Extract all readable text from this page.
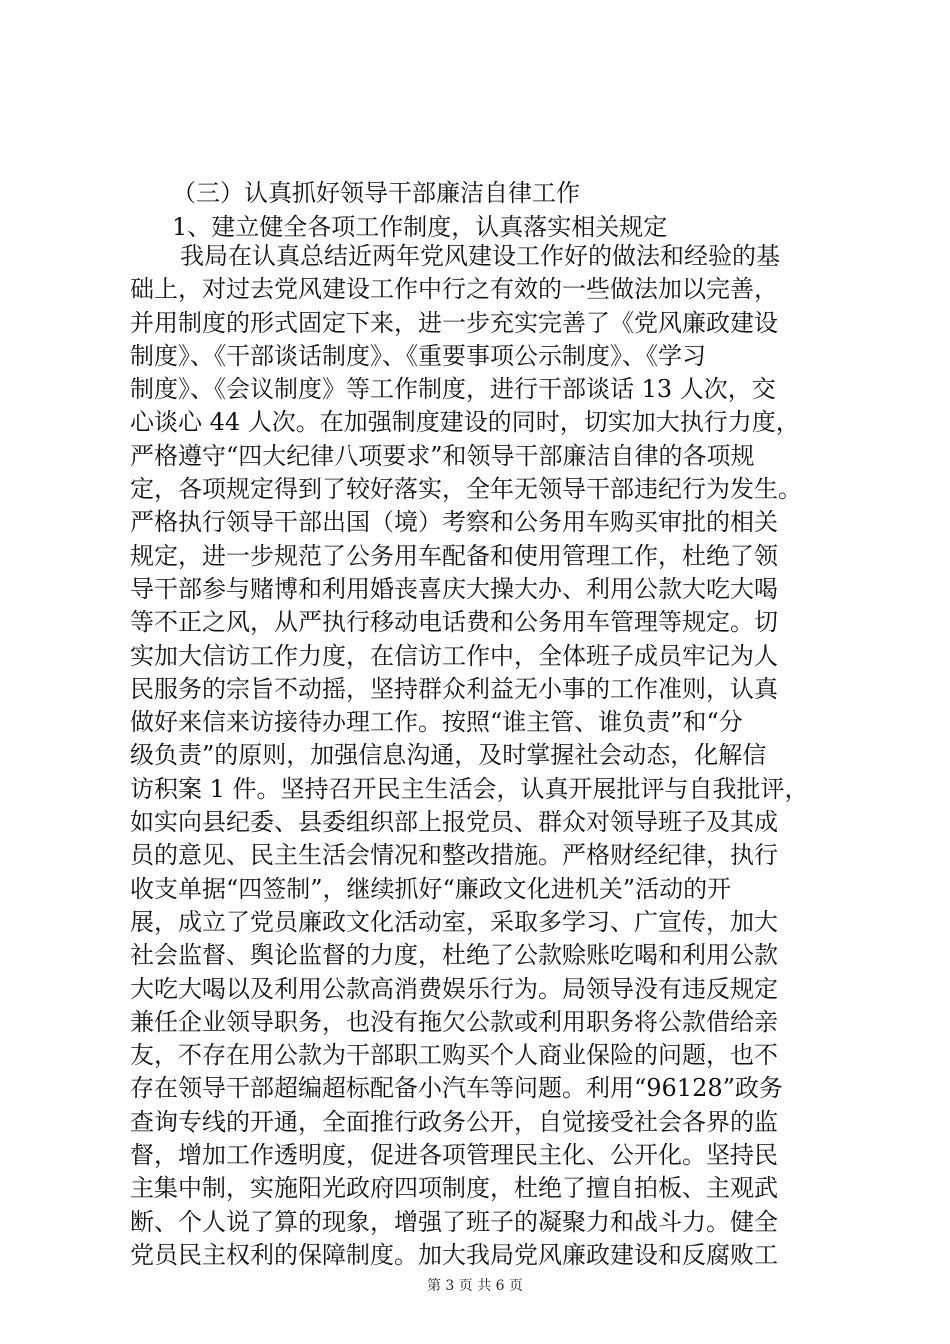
（三）认真抓好领导干部廉洁自律工作
1、建立健全各项工作制度，认真落实相关规定
我局在认真总结近两年党风建设工作好的做法和经验的基
础上，对过去党风建设工作中行之有效的一些做法加以完善，
并用制度的形式固定下来，进一步充实完善了《党风廉政建设
制度》、《干部谈话制度》、《重要事项公示制度》、《学习
制度》、《会议制度》等工作制度，进行干部谈话 13 人次，交
心谈心 44 人次。在加强制度建设的同时，切实加大执行力度，
严格遵守“四大纪律八项要求”和领导干部廉洁自律的各项规
定，各项规定得到了较好落实，全年无领导干部违纪行为发生。
严格执行领导干部出国（境）考察和公务用车购买审批的相关
规定，进一步规范了公务用车配备和使用管理工作，杜绝了领
导干部参与赌博和利用婚丧喜庆大操大办、利用公款大吃大喝
等不正之风，从严执行移动电话费和公务用车管理等规定。切
实加大信访工作力度，在信访工作中，全体班子成员牢记为人
民服务的宗旨不动摇，坚持群众利益无小事的工作准则，认真
做好来信来访接待办理工作。按照“谁主管、谁负责”和“分
级负责”的原则，加强信息沟通，及时掌握社会动态，化解信
访积案 1 件。坚持召开民主生活会，认真开展批评与自我批评，
如实向县纪委、县委组织部上报党员、群众对领导班子及其成
员的意见、民主生活会情况和整改措施。严格财经纪律，执行
收支单据“四签制”，继续抓好“廉政文化进机关”活动的开
展，成立了党员廉政文化活动室，采取多学习、广宣传，加大
社会监督、舆论监督的力度，杜绝了公款赊账吃喝和利用公款
大吃大喝以及利用公款高消费娱乐行为。局领导没有违反规定
兼任企业领导职务，也没有拖欠公款或利用职务将公款借给亲
友，不存在用公款为干部职工购买个人商业保险的问题，也不
存在领导干部超编超标配备小汽车等问题。利用“96128”政务
查询专线的开通，全面推行政务公开，自觉接受社会各界的监
督，增加工作透明度，促进各项管理民主化、公开化。坚持民
主集中制，实施阳光政府四项制度，杜绝了擅自拍板、主观武
断、个人说了算的现象，增强了班子的凝聚力和战斗力。健全
党员民主权利的保障制度。加大我局党风廉政建设和反腐败工
第 3 页 共 6 页
